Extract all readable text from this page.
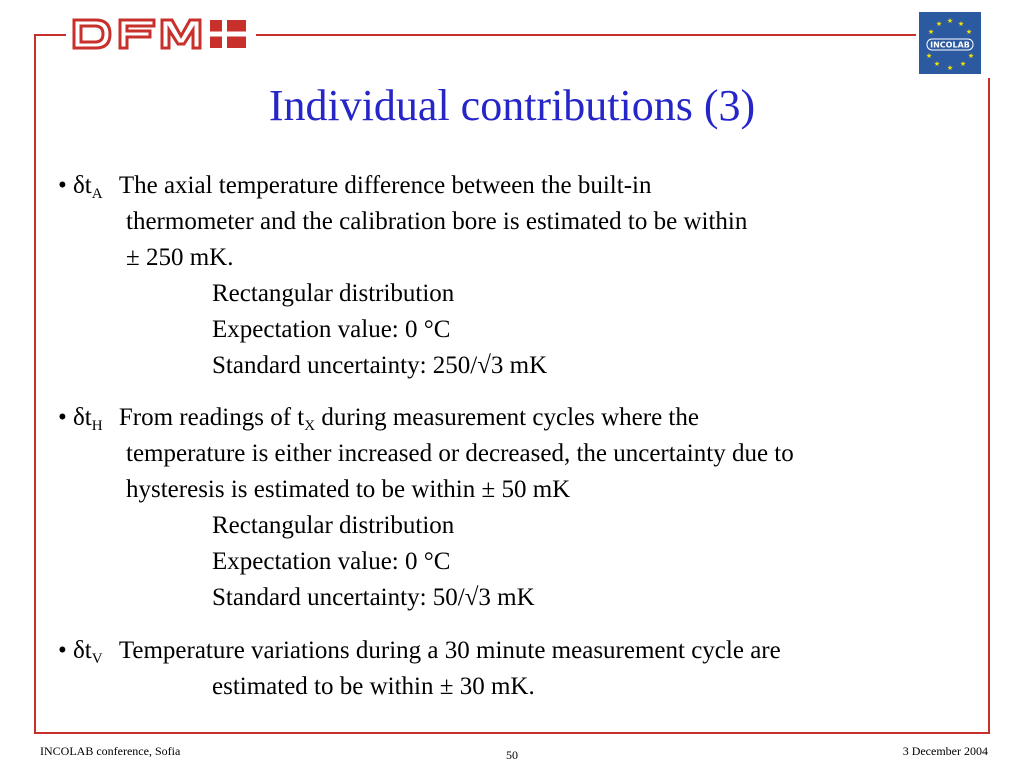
★ ★
★
★
★
★
★
★
★ ★
INCOLAB
Individual contributions (3)
• $\delta t_A$ The axial temperature difference between the built-in
thermometer and the calibration bore is estimated to be within
± 250 mK.
Rectangular distribution
Expectation value: 0 °C
Standard uncertainty: 250/√3 mK
• $\delta t_H$ From readings of $t_X$ during measurement cycles where the
temperature is either increased or decreased, the uncertainty due to
hysteresis is estimated to be within ± 50 mK
Rectangular distribution
Expectation value: 0 °C
Standard uncertainty: 50/√3 mK
• $\delta t_V$ Temperature variations during a 30 minute measurement cycle are
estimated to be within ± 30 mK.
INCOLAB conference, Sofia	50	3 December 2004
